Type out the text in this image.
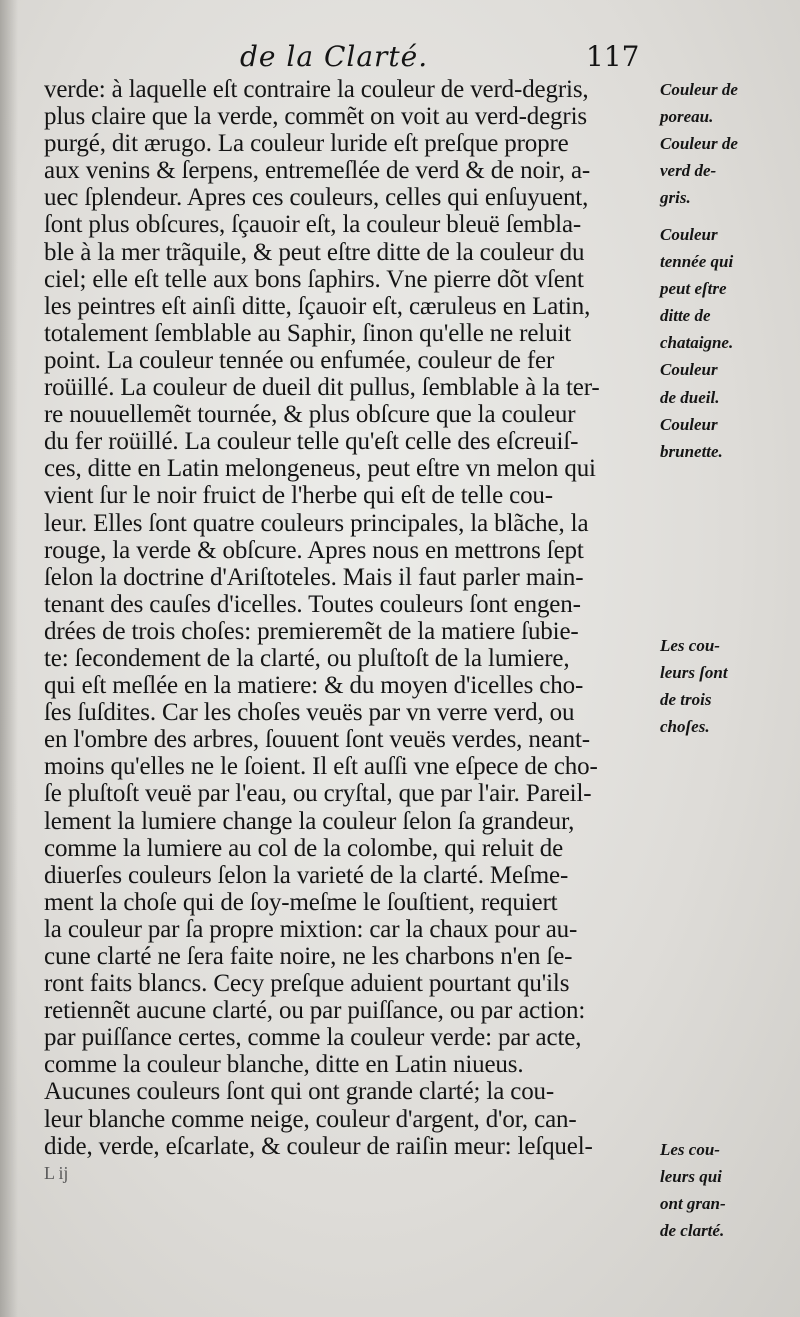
de la Clarté.	117
verde: à laquelle eſt contraire la couleur de verd-degris,
plus claire que la verde, commẽt on voit au verd-degris
purgé, dit ærugo. La couleur luride eſt preſque propre
aux venins & ſerpens, entremeſlée de verd & de noir, a-
uec ſplendeur. Apres ces couleurs, celles qui enſuyuent,
ſont plus obſcures, ſçauoir eſt, la couleur bleuë ſembla-
ble à la mer trãquile, & peut eſtre ditte de la couleur du
ciel; elle eſt telle aux bons ſaphirs. Vne pierre dõt vſent
les peintres eſt ainſi ditte, ſçauoir eſt, cæruleus en Latin,
totalement ſemblable au Saphir, ſinon qu'elle ne reluit
point. La couleur tennée ou enfumée, couleur de fer
roüillé. La couleur de dueil dit pullus, ſemblable à la ter-
re nouuellemẽt tournée, & plus obſcure que la couleur
du fer roüillé. La couleur telle qu'eſt celle des eſcreuiſ-
ces, ditte en Latin melongeneus, peut eſtre vn melon qui
vient ſur le noir fruict de l'herbe qui eſt de telle cou-
leur. Elles ſont quatre couleurs principales, la blãche, la
rouge, la verde & obſcure. Apres nous en mettrons ſept
ſelon la doctrine d'Ariſtoteles. Mais il faut parler main-
tenant des cauſes d'icelles. Toutes couleurs ſont engen-
drées de trois choſes: premieremẽt de la matiere ſubie-
te: ſecondement de la clarté, ou pluſtoſt de la lumiere,
qui eſt meſlée en la matiere: & du moyen d'icelles cho-
ſes ſuſdites. Car les choſes veuës par vn verre verd, ou
en l'ombre des arbres, ſouuent ſont veuës verdes, neant-
moins qu'elles ne le ſoient. Il eſt auſſi vne eſpece de cho-
ſe pluſtoſt veuë par l'eau, ou cryſtal, que par l'air. Pareil-
lement la lumiere change la couleur ſelon ſa grandeur,
comme la lumiere au col de la colombe, qui reluit de
diuerſes couleurs ſelon la varieté de la clarté. Meſme-
ment la choſe qui de ſoy-meſme le ſouſtient, requiert
la couleur par ſa propre mixtion: car la chaux pour au-
cune clarté ne ſera faite noire, ne les charbons n'en ſe-
ront faits blancs. Cecy preſque aduient pourtant qu'ils
retiennẽt aucune clarté, ou par puiſſance, ou par action:
par puiſſance certes, comme la couleur verde: par acte,
comme la couleur blanche, ditte en Latin niueus.
Aucunes couleurs ſont qui ont grande clarté; la cou-
leur blanche comme neige, couleur d'argent, d'or, can-
dide, verde, eſcarlate, & couleur de raiſin meur: leſquel-
L ij
Couleur de
poreau.
Couleur de
verd de-
gris.
Couleur
tennée qui
peut eſtre
ditte de
chataigne.
Couleur
de dueil.
Couleur
brunette.
Les cou-
leurs ſont
de trois
choſes.
Les cou-
leurs qui
ont gran-
de clarté.
